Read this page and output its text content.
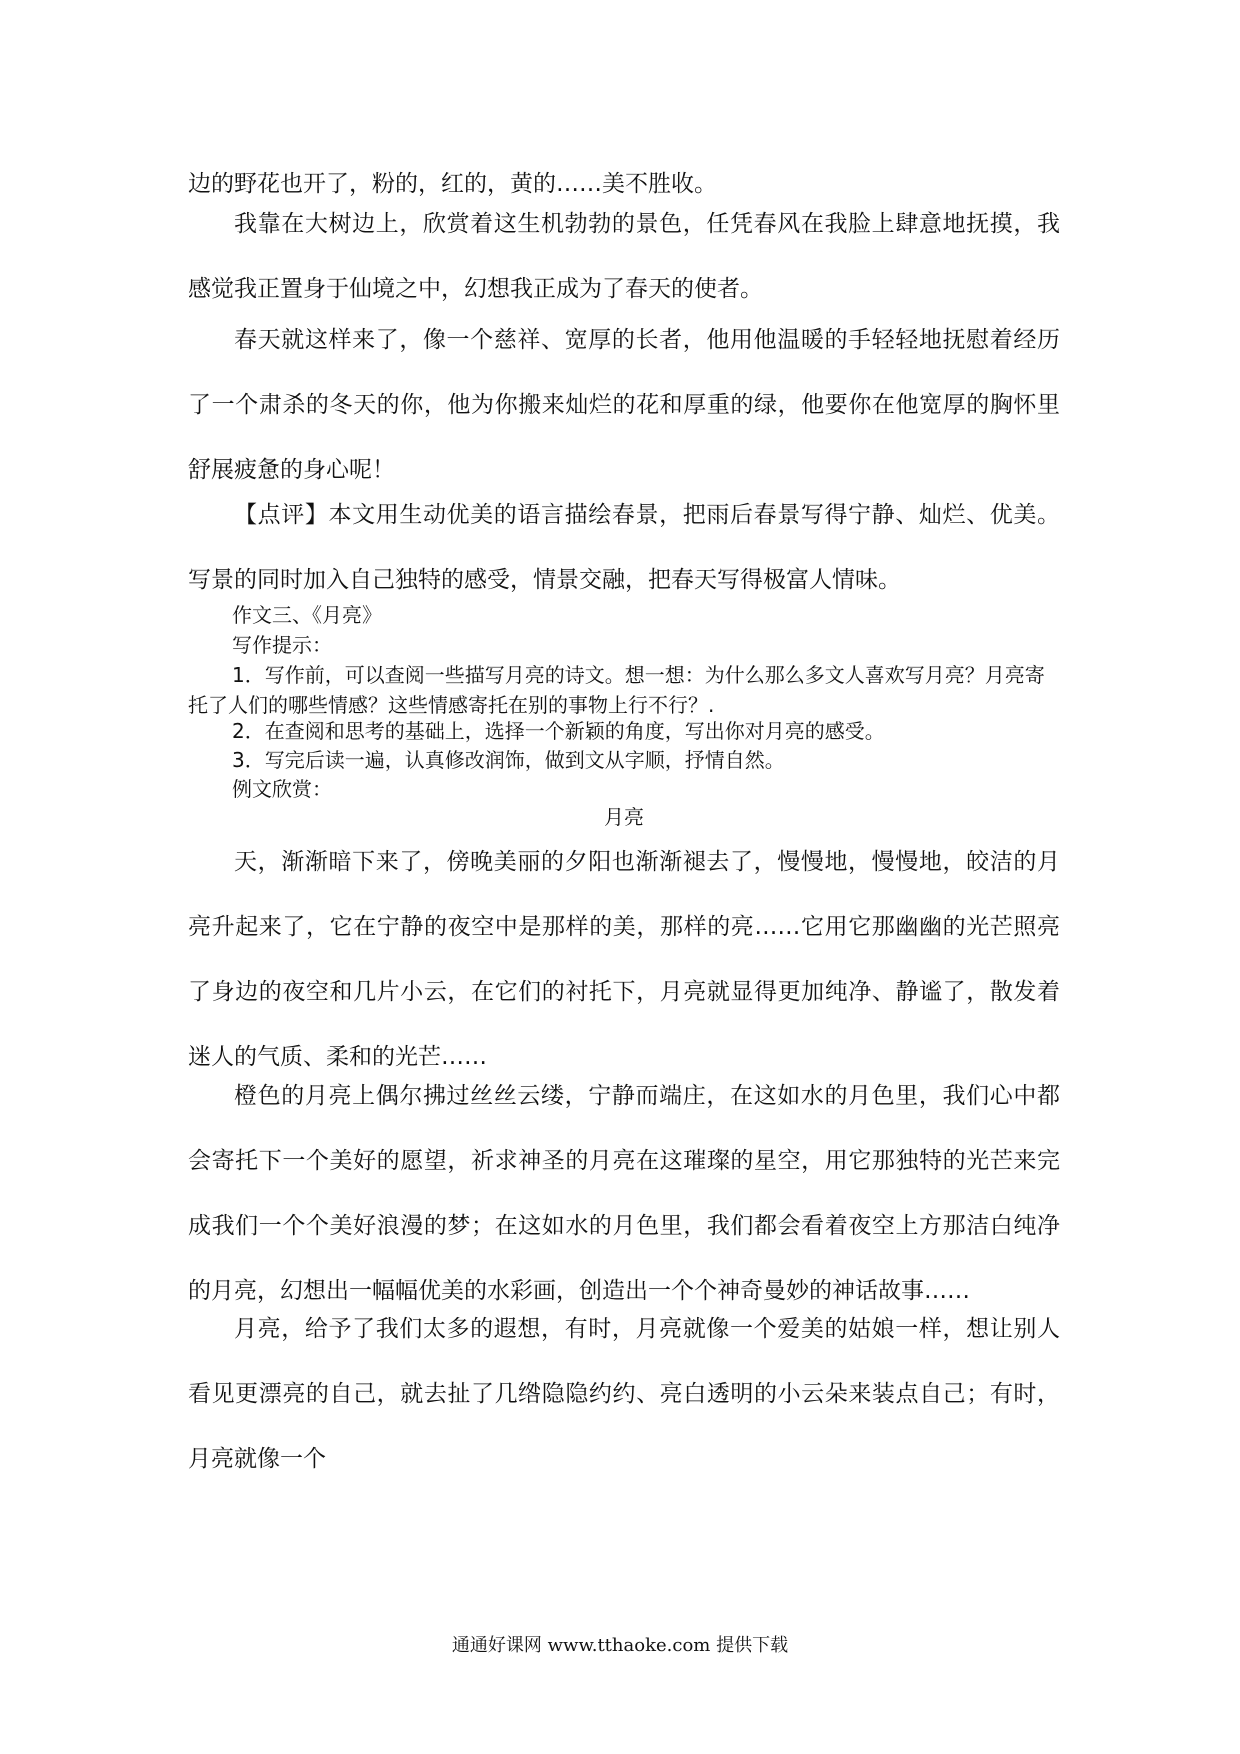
边的野花也开了，粉的，红的，黄的……美不胜收。

我靠在大树边上，欣赏着这生机勃勃的景色，任凭春风在我脸上肆意地抚摸，我感觉我正置身于仙境之中，幻想我正成为了春天的使者。

春天就这样来了，像一个慈祥、宽厚的长者，他用他温暖的手轻轻地抚慰着经历了一个肃杀的冬天的你，他为你搬来灿烂的花和厚重的绿，他要你在他宽厚的胸怀里舒展疲惫的身心呢！

【点评】本文用生动优美的语言描绘春景，把雨后春景写得宁静、灿烂、优美。写景的同时加入自己独特的感受，情景交融，把春天写得极富人情味。

作文三、《月亮》

写作提示：

1．写作前，可以查阅一些描写月亮的诗文。想一想：为什么那么多文人喜欢写月亮？月亮寄托了人们的哪些情感？这些情感寄托在别的事物上行不行？.

2．在查阅和思考的基础上，选择一个新颖的角度，写出你对月亮的感受。

3．写完后读一遍，认真修改润饰，做到文从字顺，抒情自然。

例文欣赏：

月亮

天，渐渐暗下来了，傍晚美丽的夕阳也渐渐褪去了，慢慢地，慢慢地，皎洁的月亮升起来了，它在宁静的夜空中是那样的美，那样的亮……它用它那幽幽的光芒照亮了身边的夜空和几片小云，在它们的衬托下，月亮就显得更加纯净、静谧了，散发着迷人的气质、柔和的光芒……

橙色的月亮上偶尔拂过丝丝云缕，宁静而端庄，在这如水的月色里，我们心中都会寄托下一个美好的愿望，祈求神圣的月亮在这璀璨的星空，用它那独特的光芒来完成我们一个个美好浪漫的梦；在这如水的月色里，我们都会看着夜空上方那洁白纯净的月亮，幻想出一幅幅优美的水彩画，创造出一个个神奇曼妙的神话故事……

月亮，给予了我们太多的遐想，有时，月亮就像一个爱美的姑娘一样，想让别人看见更漂亮的自己，就去扯了几绺隐隐约约、亮白透明的小云朵来装点自己；有时，月亮就像一个

通通好课网 www.tthaoke.com 提供下载
